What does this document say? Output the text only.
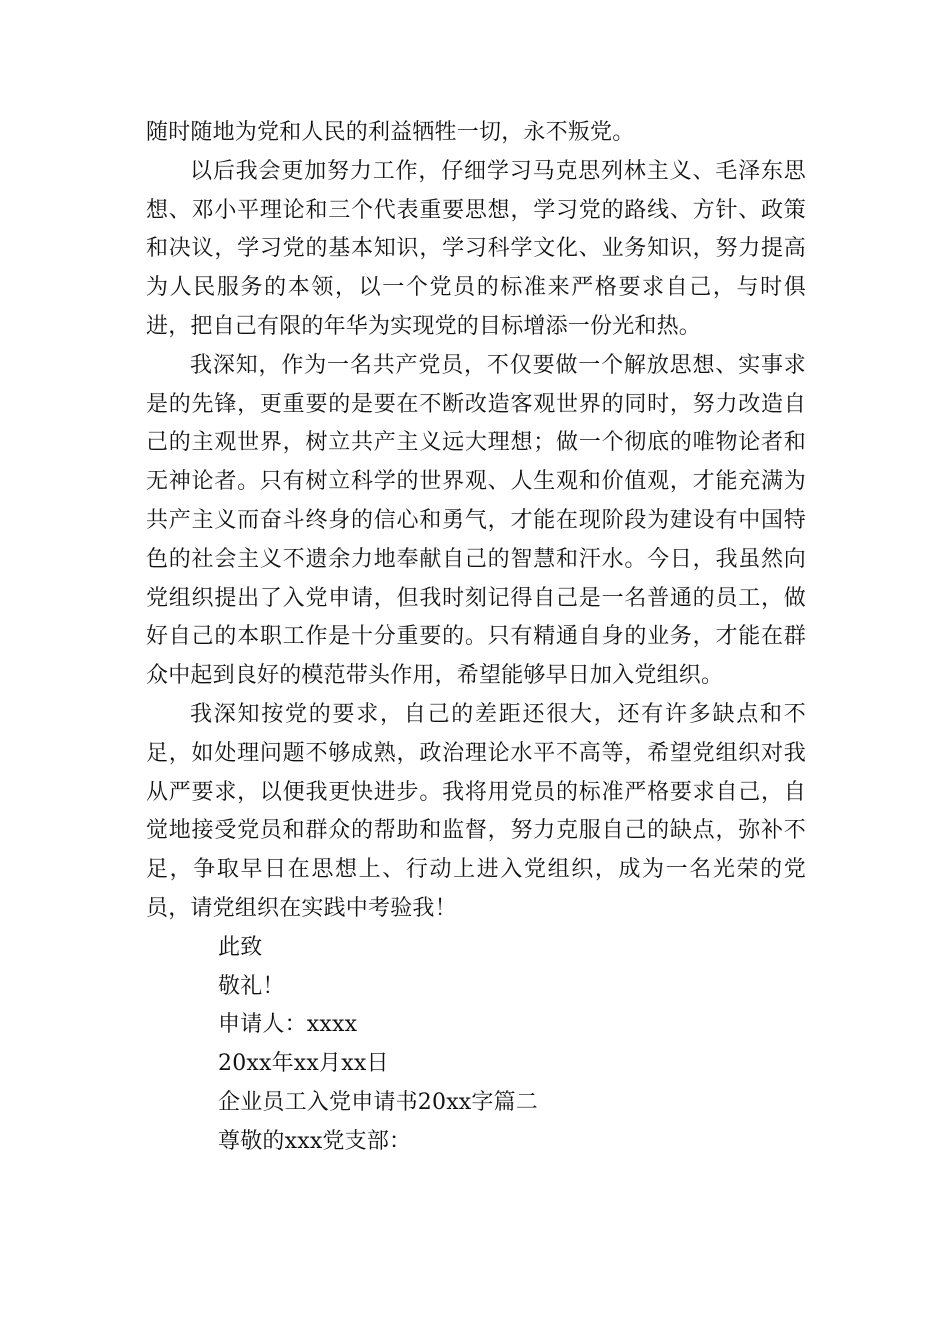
随时随地为党和人民的利益牺牲一切，永不叛党。

以后我会更加努力工作，仔细学习马克思列林主义、毛泽东思想、邓小平理论和三个代表重要思想，学习党的路线、方针、政策和决议，学习党的基本知识，学习科学文化、业务知识，努力提高为人民服务的本领，以一个党员的标准来严格要求自己，与时俱进，把自己有限的年华为实现党的目标增添一份光和热。

我深知，作为一名共产党员，不仅要做一个解放思想、实事求是的先锋，更重要的是要在不断改造客观世界的同时，努力改造自己的主观世界，树立共产主义远大理想；做一个彻底的唯物论者和无神论者。只有树立科学的世界观、人生观和价值观，才能充满为共产主义而奋斗终身的信心和勇气，才能在现阶段为建设有中国特色的社会主义不遗余力地奉献自己的智慧和汗水。今日，我虽然向党组织提出了入党申请，但我时刻记得自己是一名普通的员工，做好自己的本职工作是十分重要的。只有精通自身的业务，才能在群众中起到良好的模范带头作用，希望能够早日加入党组织。

我深知按党的要求，自己的差距还很大，还有许多缺点和不足，如处理问题不够成熟，政治理论水平不高等，希望党组织对我从严要求，以便我更快进步。我将用党员的标准严格要求自己，自觉地接受党员和群众的帮助和监督，努力克服自己的缺点，弥补不足，争取早日在思想上、行动上进入党组织，成为一名光荣的党员，请党组织在实践中考验我！

此致

敬礼！

申请人：xxxx

20xx年xx月xx日

企业员工入党申请书20xx字篇二

尊敬的xxx党支部：
